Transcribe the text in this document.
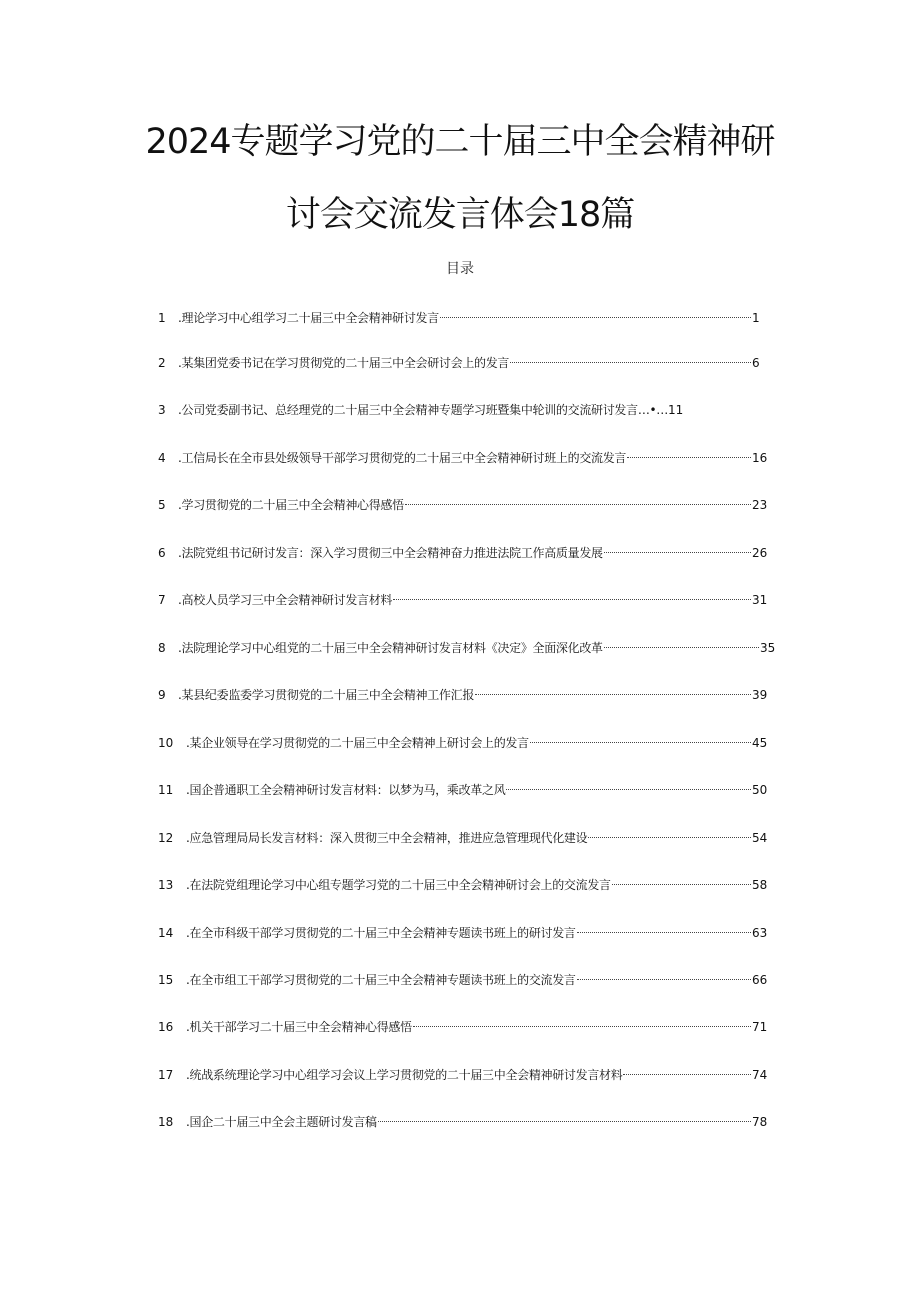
2024专题学习党的二十届三中全会精神研
讨会交流发言体会18篇
目录
1 .理论学习中心组学习二十届三中全会精神研讨发言	1
2 .某集团党委书记在学习贯彻党的二十届三中全会研讨会上的发言	6
3 .公司党委副书记、总经理党的二十届三中全会精神专题学习班暨集中轮训的交流研讨发言…•… 11
4 .工信局长在全市县处级领导干部学习贯彻党的二十届三中全会精神研讨班上的交流发言	16
5 .学习贯彻党的二十届三中全会精神心得感悟	23
6 .法院党组书记研讨发言：深入学习贯彻三中全会精神奋力推进法院工作高质量发展	26
7 .高校人员学习三中全会精神研讨发言材料	31
8 .法院理论学习中心组党的二十届三中全会精神研讨发言材料《决定》全面深化改革	35
9 .某县纪委监委学习贯彻党的二十届三中全会精神工作汇报	39
10 .某企业领导在学习贯彻党的二十届三中全会精神上研讨会上的发言	45
11 .国企普通职工全会精神研讨发言材料：以梦为马，乘改革之风	50
12 .应急管理局局长发言材料：深入贯彻三中全会精神，推进应急管理现代化建设	54
13 .在法院党组理论学习中心组专题学习党的二十届三中全会精神研讨会上的交流发言	58
14 .在全市科级干部学习贯彻党的二十届三中全会精神专题读书班上的研讨发言	63
15 .在全市组工干部学习贯彻党的二十届三中全会精神专题读书班上的交流发言	66
16 .机关干部学习二十届三中全会精神心得感悟	71
17 .统战系统理论学习中心组学习会议上学习贯彻党的二十届三中全会精神研讨发言材料	74
18 .国企二十届三中全会主题研讨发言稿	78
